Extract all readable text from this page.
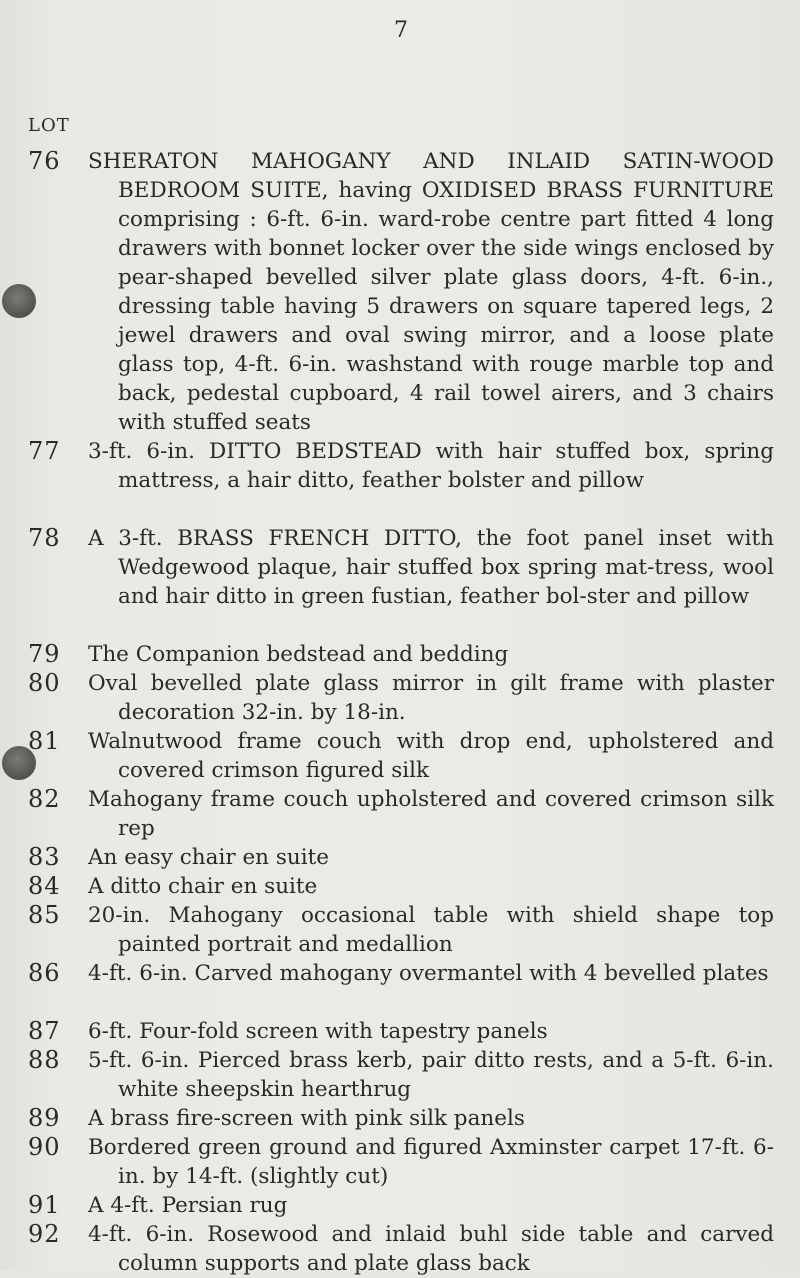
7
LOT
76 SHERATON MAHOGANY AND INLAID SATIN-WOOD BEDROOM SUITE, having OXIDISED BRASS FURNITURE comprising : 6-ft. 6-in. ward-robe centre part fitted 4 long drawers with bonnet locker over the side wings enclosed by pear-shaped bevelled silver plate glass doors, 4-ft. 6-in., dressing table having 5 drawers on square tapered legs, 2 jewel drawers and oval swing mirror, and a loose plate glass top, 4-ft. 6-in. washstand with rouge marble top and back, pedestal cupboard, 4 rail towel airers, and 3 chairs with stuffed seats
77 3-ft. 6-in. DITTO BEDSTEAD with hair stuffed box, spring mattress, a hair ditto, feather bolster and pillow
78 A 3-ft. BRASS FRENCH DITTO, the foot panel inset with Wedgewood plaque, hair stuffed box spring mat-tress, wool and hair ditto in green fustian, feather bol-ster and pillow
79 The Companion bedstead and bedding
80 Oval bevelled plate glass mirror in gilt frame with plaster decoration 32-in. by 18-in.
81 Walnutwood frame couch with drop end, upholstered and covered crimson figured silk
82 Mahogany frame couch upholstered and covered crimson silk rep
83 An easy chair en suite
84 A ditto chair en suite
85 20-in. Mahogany occasional table with shield shape top painted portrait and medallion
86 4-ft. 6-in. Carved mahogany overmantel with 4 bevelled plates
87 6-ft. Four-fold screen with tapestry panels
88 5-ft. 6-in. Pierced brass kerb, pair ditto rests, and a 5-ft. 6-in. white sheepskin hearthrug
89 A brass fire-screen with pink silk panels
90 Bordered green ground and figured Axminster carpet 17-ft. 6-in. by 14-ft. (slightly cut)
91 A 4-ft. Persian rug
92 4-ft. 6-in. Rosewood and inlaid buhl side table and carved column supports and plate glass back
